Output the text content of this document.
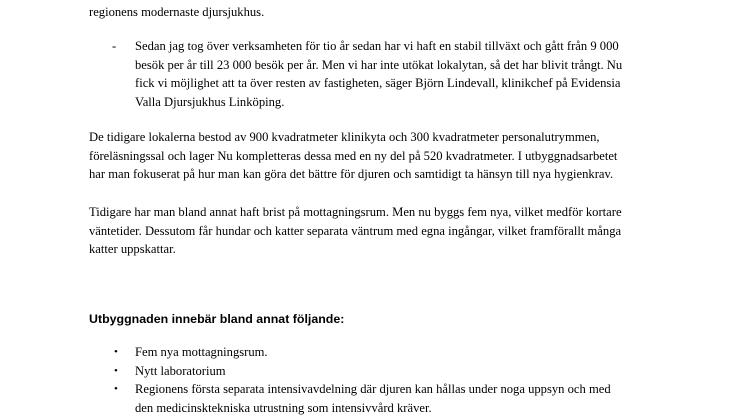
regionens modernaste djursjukhus.
- Sedan jag tog över verksamheten för tio år sedan har vi haft en stabil tillväxt och gått från 9 000
besök per år till 23 000 besök per år. Men vi har inte utökat lokalytan, så det har blivit trångt. Nu
fick vi möjlighet att ta över resten av fastigheten, säger Björn Lindevall, klinikchef på Evidensia
Valla Djursjukhus Linköping.
De tidigare lokalerna bestod av 900 kvadratmeter klinikyta och 300 kvadratmeter personalutrymmen,
föreläsningssal och lager Nu kompletteras dessa med en ny del på 520 kvadratmeter. I utbyggnadsarbetet
har man fokuserat på hur man kan göra det bättre för djuren och samtidigt ta hänsyn till nya hygienkrav.
Tidigare har man bland annat haft brist på mottagningsrum. Men nu byggs fem nya, vilket medför kortare
väntetider. Dessutom får hundar och katter separata väntrum med egna ingångar, vilket framförallt många
katter uppskattar.
Utbyggnaden innebär bland annat följande:
• Fem nya mottagningsrum.
• Nytt laboratorium
• Regionens första separata intensivavdelning där djuren kan hållas under noga uppsyn och med
den medicinsktekniska utrustning som intensivvård kräver.
